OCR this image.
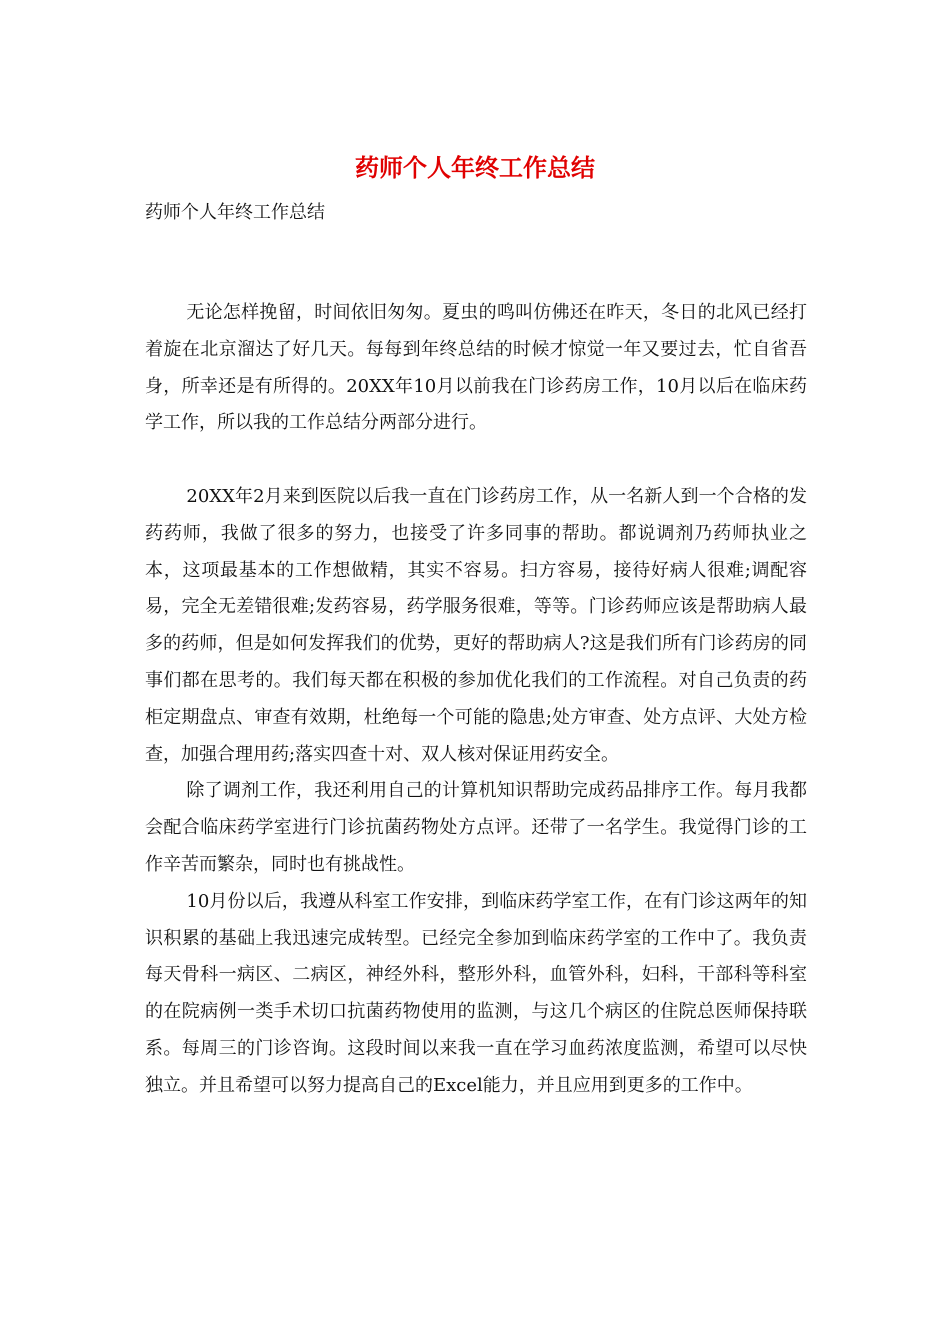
药师个人年终工作总结
药师个人年终工作总结

无论怎样挽留，时间依旧匆匆。夏虫的鸣叫仿佛还在昨天，冬日的北风已经打着旋在北京溜达了好几天。每每到年终总结的时候才惊觉一年又要过去，忙自省吾身，所幸还是有所得的。20XX年10月以前我在门诊药房工作，10月以后在临床药学工作，所以我的工作总结分两部分进行。

20XX年2月来到医院以后我一直在门诊药房工作，从一名新人到一个合格的发药药师，我做了很多的努力，也接受了许多同事的帮助。都说调剂乃药师执业之本，这项最基本的工作想做精，其实不容易。扫方容易，接待好病人很难;调配容易，完全无差错很难;发药容易，药学服务很难，等等。门诊药师应该是帮助病人最多的药师，但是如何发挥我们的优势，更好的帮助病人?这是我们所有门诊药房的同事们都在思考的。我们每天都在积极的参加优化我们的工作流程。对自己负责的药柜定期盘点、审查有效期，杜绝每一个可能的隐患;处方审查、处方点评、大处方检查，加强合理用药;落实四查十对、双人核对保证用药安全。

除了调剂工作，我还利用自己的计算机知识帮助完成药品排序工作。每月我都会配合临床药学室进行门诊抗菌药物处方点评。还带了一名学生。我觉得门诊的工作辛苦而繁杂，同时也有挑战性。

10月份以后，我遵从科室工作安排，到临床药学室工作，在有门诊这两年的知识积累的基础上我迅速完成转型。已经完全参加到临床药学室的工作中了。我负责每天骨科一病区、二病区，神经外科，整形外科，血管外科，妇科，干部科等科室的在院病例一类手术切口抗菌药物使用的监测，与这几个病区的住院总医师保持联系。每周三的门诊咨询。这段时间以来我一直在学习血药浓度监测，希望可以尽快独立。并且希望可以努力提高自己的Excel能力，并且应用到更多的工作中。
